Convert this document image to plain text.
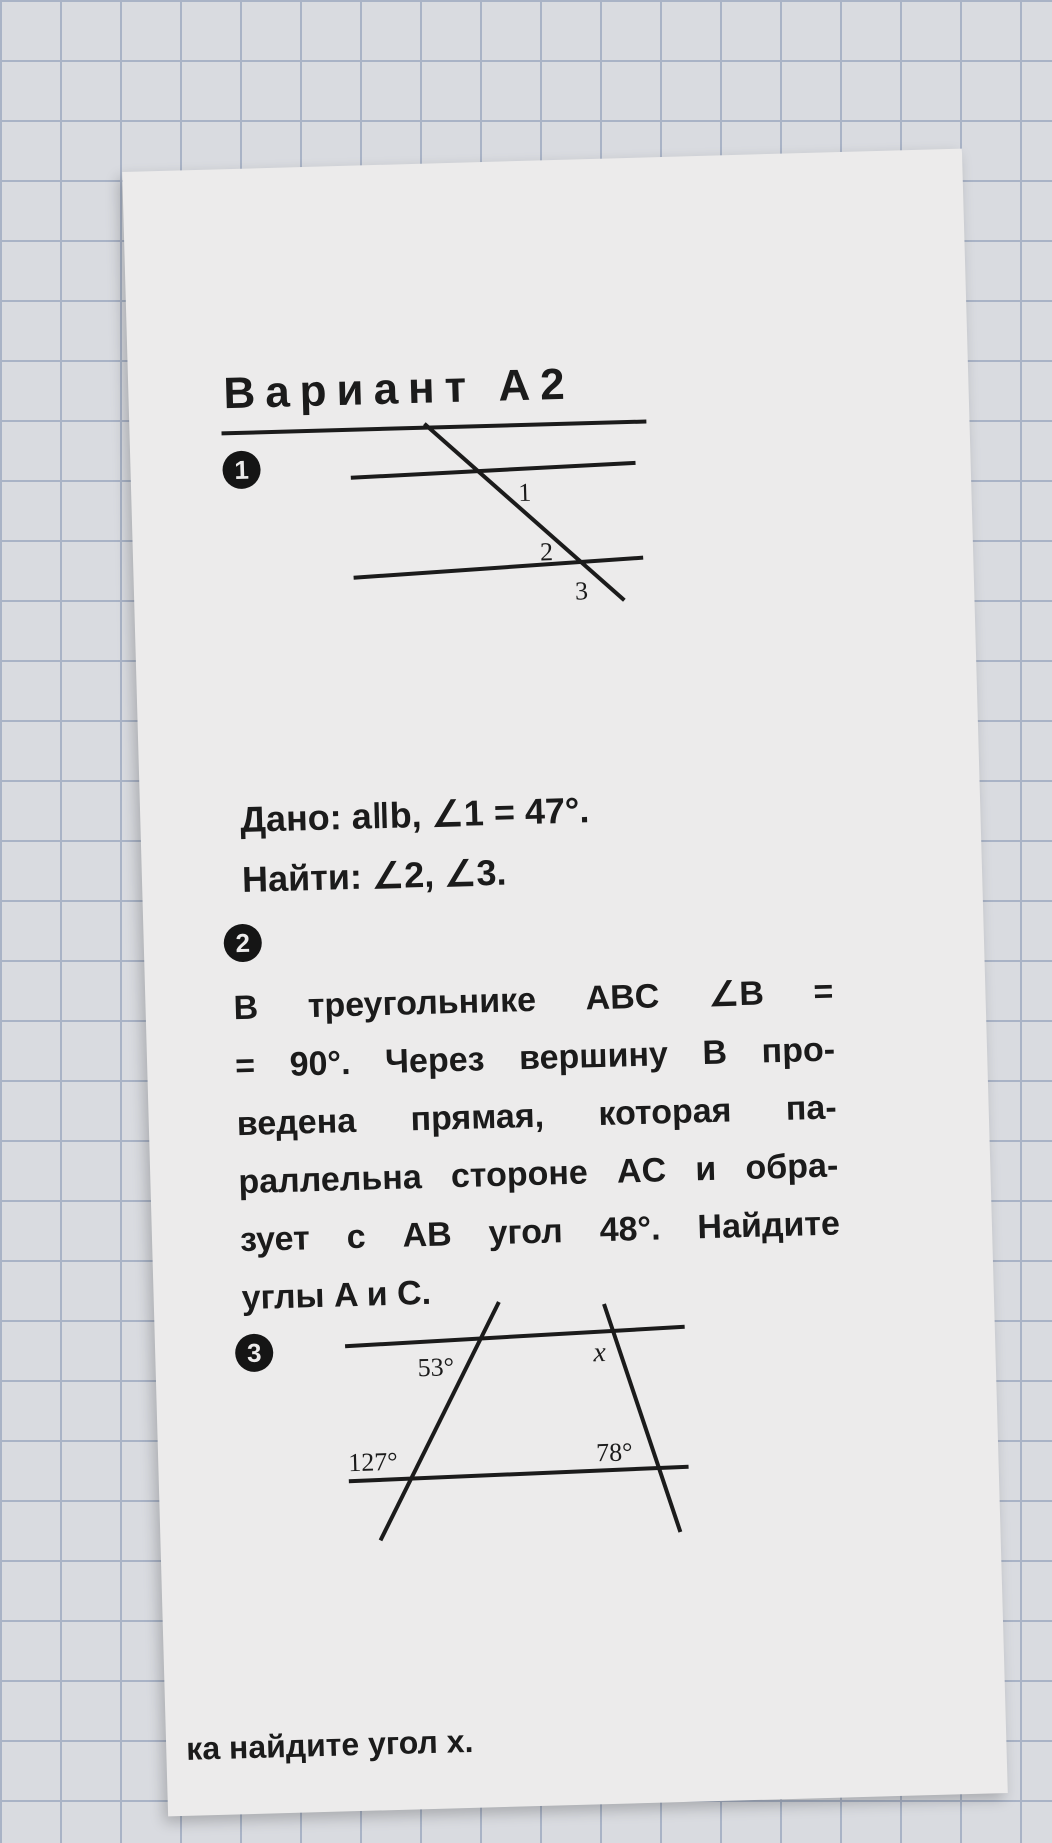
Вариант А2
1
1
2
3
Дано: a‖b, ∠1 = 47°.
Найти: ∠2, ∠3.
2
В треугольнике ABC ∠B =
= 90°. Через вершину B про-
ведена прямая, которая па-
раллельна стороне AC и обра-
зует с AB угол 48°. Найдите
углы A и C.
3	53°	x
127°	78°
ка найдите угол x.
